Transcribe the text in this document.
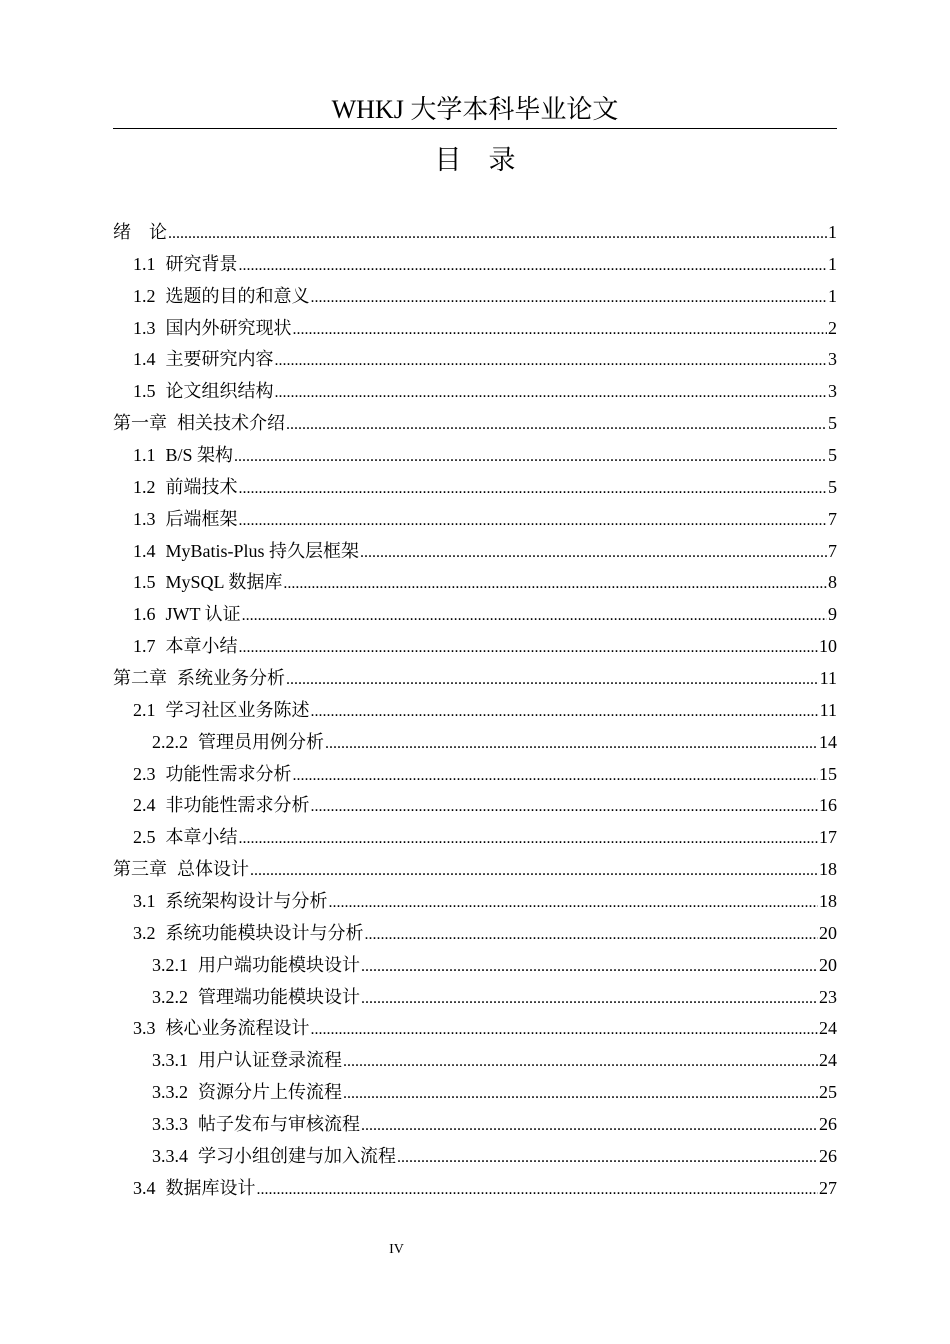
WHKJ 大学本科毕业论文
目　录
绪　论 .....	1
1.1 研究背景 .....	1
1.2 选题的目的和意义 .....	1
1.3 国内外研究现状 .....	2
1.4 主要研究内容 .....	3
1.5 论文组织结构 .....	3
第一章 相关技术介绍 .....	5
1.1 B/S 架构 .....	5
1.2 前端技术 .....	5
1.3 后端框架 .....	7
1.4 MyBatis-Plus 持久层框架 .....	7
1.5 MySQL 数据库 .....	8
1.6 JWT 认证 .....	9
1.7 本章小结 .....	10
第二章 系统业务分析 .....	11
2.1 学习社区业务陈述 .....	11
2.2.2 管理员用例分析 .....	14
2.3 功能性需求分析 .....	15
2.4 非功能性需求分析 .....	16
2.5 本章小结 .....	17
第三章 总体设计 .....	18
3.1 系统架构设计与分析 .....	18
3.2 系统功能模块设计与分析 .....	20
3.2.1 用户端功能模块设计 .....	20
3.2.2 管理端功能模块设计 .....	23
3.3 核心业务流程设计 .....	24
3.3.1 用户认证登录流程 .....	24
3.3.2 资源分片上传流程 .....	25
3.3.3 帖子发布与审核流程 .....	26
3.3.4 学习小组创建与加入流程 .....	26
3.4 数据库设计 .....	27
IV
